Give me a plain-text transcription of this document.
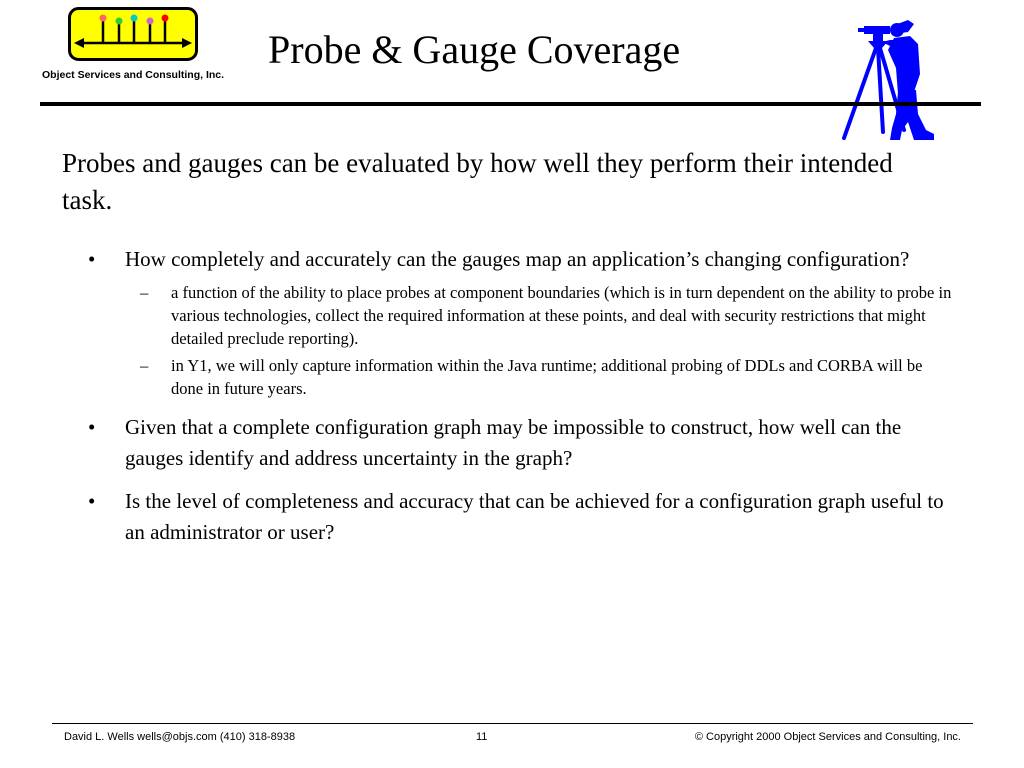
Object Services and Consulting, Inc.
Probe & Gauge Coverage

Probes and gauges can be evaluated by how well they perform their intended task.

• How completely and accurately can the gauges map an application’s changing configuration?
– a function of the ability to place probes at component boundaries (which is in turn dependent on the ability to probe in various technologies, collect the required information at these points, and deal with security restrictions that might detailed preclude reporting).
– in Y1, we will only capture information within the Java runtime; additional probing of DDLs and CORBA will be done in future years.
• Given that a complete configuration graph may be impossible to construct, how well can the gauges identify and address uncertainty in the graph?
• Is the level of completeness and accuracy that can be achieved for a configuration graph useful to an administrator or user?
David L. Wells wells@objs.com (410) 318-8938	11	© Copyright 2000 Object Services and Consulting, Inc.
